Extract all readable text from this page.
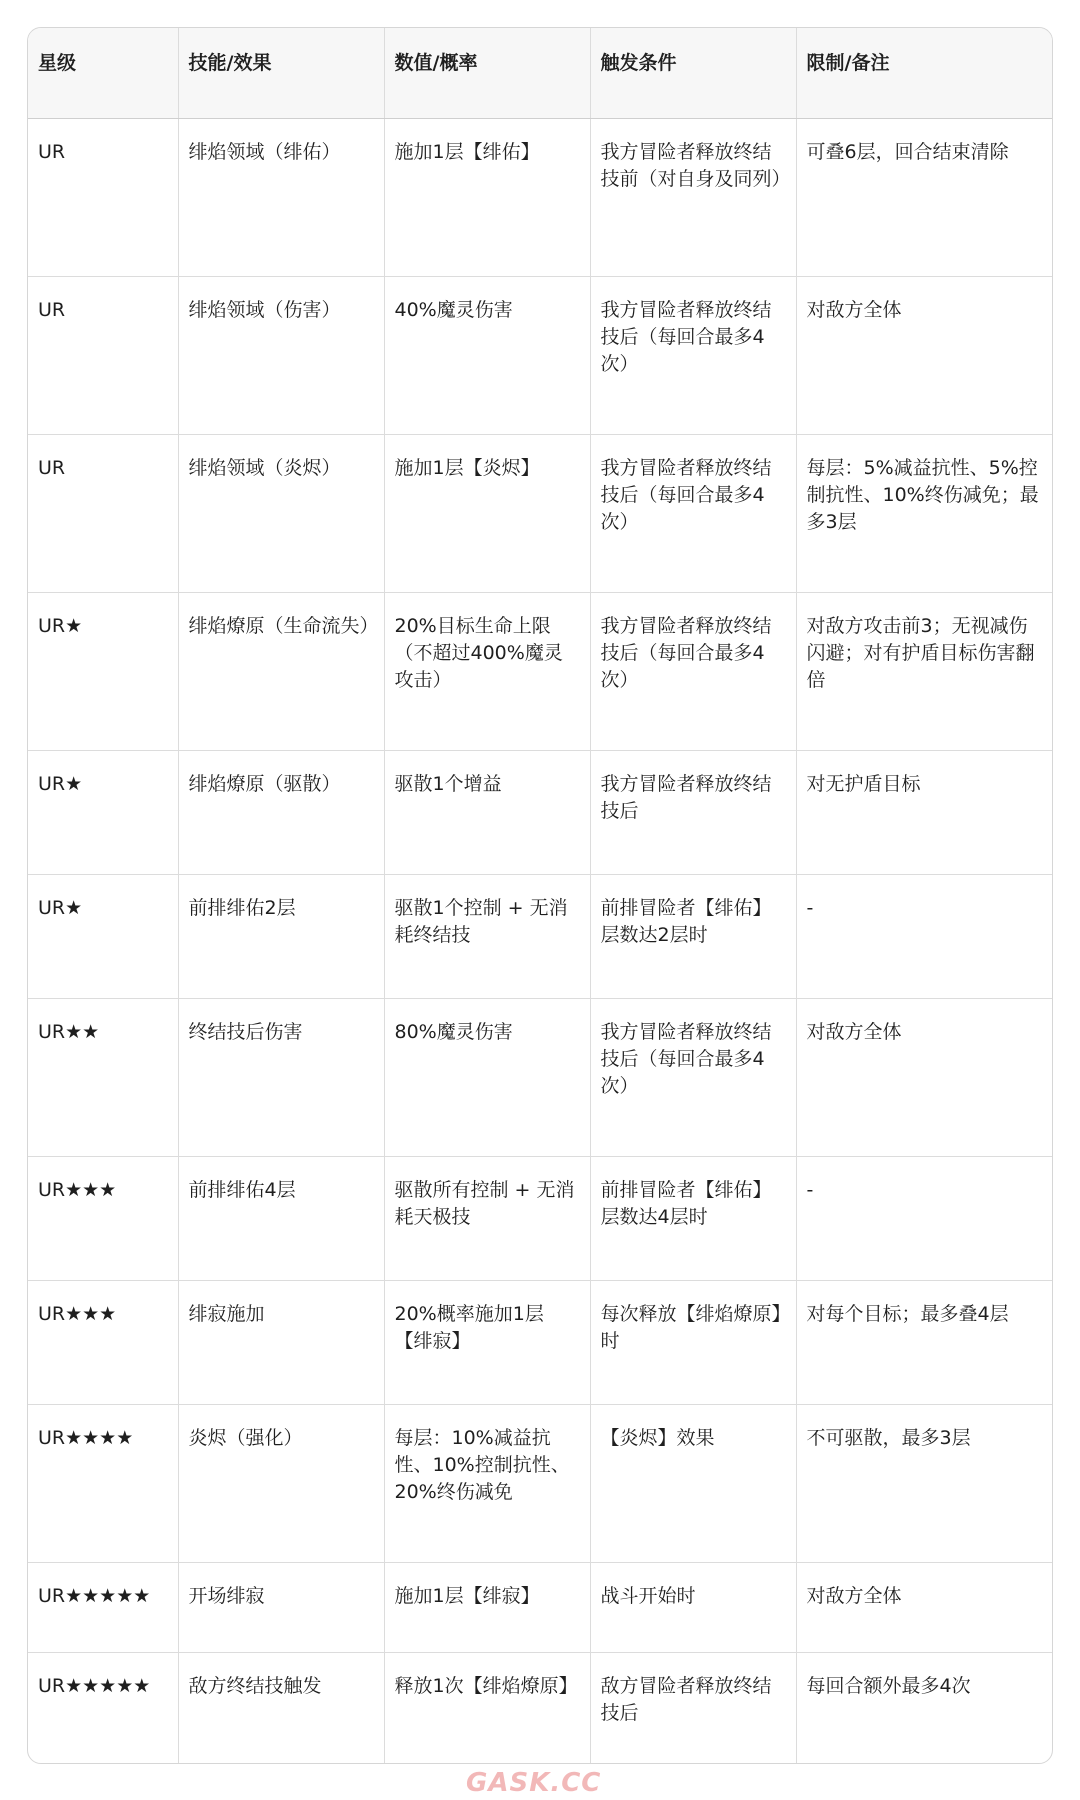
星级	技能/效果	数值/概率	触发条件	限制/备注
UR	绯焰领域（绯佑）	施加1层【绯佑】	我方冒险者释放终结技前（对自身及同列）	可叠6层，回合结束清除
UR	绯焰领域（伤害）	40%魔灵伤害	我方冒险者释放终结技后（每回合最多4次）	对敌方全体
UR	绯焰领域（炎烬）	施加1层【炎烬】	我方冒险者释放终结技后（每回合最多4次）	每层：5%减益抗性、5%控制抗性、10%终伤减免；最多3层
UR★	绯焰燎原（生命流失）	20%目标生命上限（不超过400%魔灵攻击）	我方冒险者释放终结技后（每回合最多4次）	对敌方攻击前3；无视减伤闪避；对有护盾目标伤害翻倍
UR★	绯焰燎原（驱散）	驱散1个增益	我方冒险者释放终结技后	对无护盾目标
UR★	前排绯佑2层	驱散1个控制 + 无消耗终结技	前排冒险者【绯佑】层数达2层时	-
UR★★	终结技后伤害	80%魔灵伤害	我方冒险者释放终结技后（每回合最多4次）	对敌方全体
UR★★★	前排绯佑4层	驱散所有控制 + 无消耗天极技	前排冒险者【绯佑】层数达4层时	-
UR★★★	绯寂施加	20%概率施加1层【绯寂】	每次释放【绯焰燎原】时	对每个目标；最多叠4层
UR★★★★	炎烬（强化）	每层：10%减益抗性、10%控制抗性、20%终伤减免	【炎烬】效果	不可驱散，最多3层
UR★★★★★	开场绯寂	施加1层【绯寂】	战斗开始时	对敌方全体
UR★★★★★	敌方终结技触发	释放1次【绯焰燎原】	敌方冒险者释放终结技后	每回合额外最多4次
GASK.CC
